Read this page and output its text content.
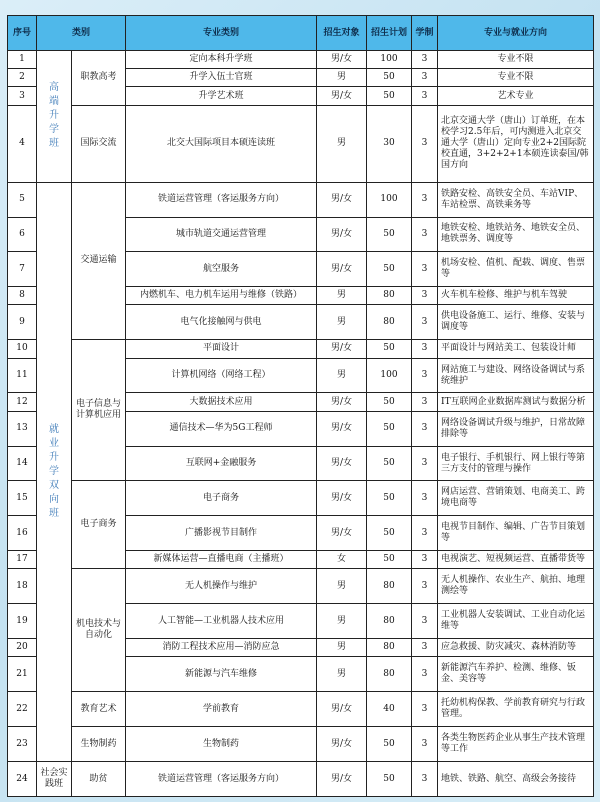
序号	类别		专业类别	招生对象	招生计划	学制	专业与就业方向
1	高端升学班	职教高考	定向本科升学班	男/女	100	3	专业不限
2			升学入伍士官班	男	50	3	专业不限
3			升学艺术班	男/女	50	3	艺术专业
4		国际交流	北交大国际项目本硕连读班	男	30	3	北京交通大学（唐山）订单班，在本校学习2.5年后，可内测进入北京交通大学（唐山）定向专业2+2国际院校直通，3+2+2+1本硕连读泰国/韩国方向
5	就业升学双向班	交通运输	铁道运营管理（客运服务方向）	男/女	100	3	铁路安检、高铁安全员、车站VIP、车站检票、高铁乘务等
6			城市轨道交通运营管理	男/女	50	3	地铁安检、地铁站务、地铁安全员、地铁票务、调度等
7			航空服务	男/女	50	3	机场安检、值机、配载、调度、售票等
8			内燃机车、电力机车运用与维修（铁路）	男	80	3	火车机车检修、维护与机车驾驶
9			电气化接触网与供电	男	80	3	供电设备施工、运行、维修、安装与调度等
10		电子信息与计算机应用	平面设计	男/女	50	3	平面设计与网站美工、包装设计师
11			计算机网络（网络工程）	男	100	3	网站施工与建设、网络设备调试与系统维护
12			大数据技术应用	男/女	50	3	IT互联网企业数据库测试与数据分析
13			通信技术—华为5G工程师	男/女	50	3	网络设备调试升级与维护，日常故障排除等
14			互联网+金融服务	男/女	50	3	电子银行、手机银行、网上银行等第三方支付的管理与操作
15		电子商务	电子商务	男/女	50	3	网店运营、营销策划、电商美工、跨境电商等
16			广播影视节目制作	男/女	50	3	电视节目制作、编辑、广告节目策划等
17			新媒体运营—直播电商（主播班）	女	50	3	电视演艺、短视频运营、直播带货等
18		机电技术与自动化	无人机操作与维护	男	80	3	无人机操作、农业生产、航拍、地理测绘等
19			人工智能—工业机器人技术应用	男	80	3	工业机器人安装调试、工业自动化运维等
20			消防工程技术应用—消防应急	男	80	3	应急救援、防灾减灾、森林消防等
21			新能源与汽车维修	男	80	3	新能源汽车养护、检测、维修、钣金、美容等
22		教育艺术	学前教育	男/女	40	3	托幼机构保教、学前教育研究与行政管理。
23		生物制药	生物制药	男/女	50	3	各类生物医药企业从事生产技术管理等工作
24	社会实践班	助贫	铁道运营管理（客运服务方向）	男/女	50	3	地铁、铁路、航空、高级会务接待
